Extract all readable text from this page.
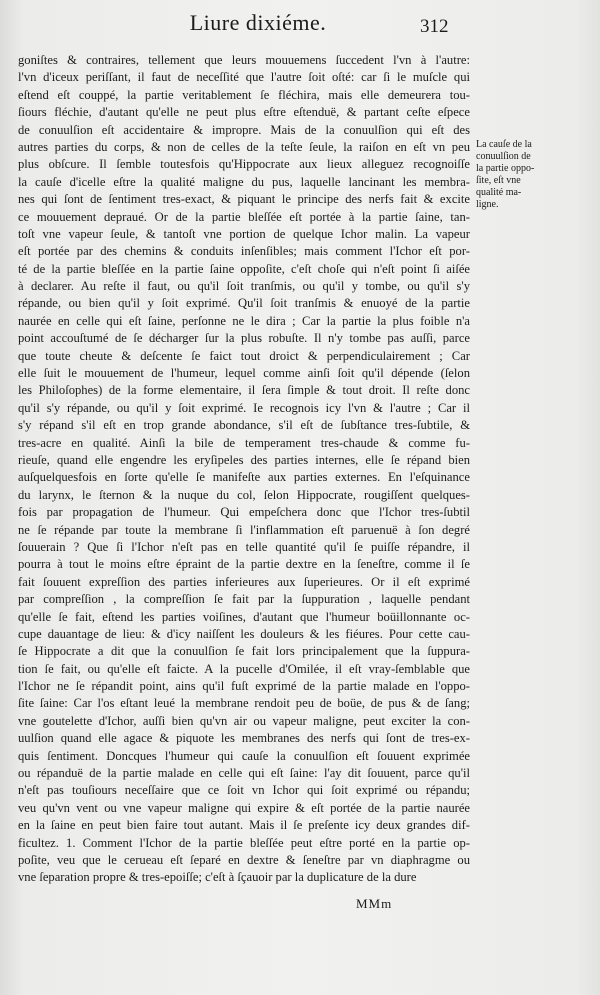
Liure dixiéme.	312
goniſtes & contraires, tellement que leurs mouuemens ſuccedent l'vn à l'autre:
l'vn d'iceux periſſant, il faut de neceſſité que l'autre ſoit oſté: car ſi le muſcle qui
eſtend eſt couppé, la partie veritablement ſe fléchira, mais elle demeurera tou-
ſiours fléchie, d'autant qu'elle ne peut plus eſtre eſtenduë, & partant ceſte eſpece
de conuulſion eſt accidentaire & impropre. Mais de la conuulſion qui eſt des
autres parties du corps, & non de celles de la teſte ſeule, la raiſon en eſt vn peu
plus obſcure. Il ſemble toutesfois qu'Hippocrate aux lieux alleguez recognoiſſe
la cauſe d'icelle eſtre la qualité maligne du pus, laquelle lancinant les membra-
nes qui ſont de ſentiment tres-exact, & piquant le principe des nerfs fait & excite
ce mouuement depraué. Or de la partie bleſſée eſt portée à la partie ſaine, tan-
toſt vne vapeur ſeule, & tantoſt vne portion de quelque Ichor malin. La vapeur
eſt portée par des chemins & conduits inſenſibles; mais comment l'Ichor eſt por-
té de la partie bleſſée en la partie ſaine oppoſite, c'eſt choſe qui n'eſt point ſi aiſée
à declarer. Au reſte il faut, ou qu'il ſoit tranſmis, ou qu'il y tombe, ou qu'il s'y
répande, ou bien qu'il y ſoit exprimé. Qu'il ſoit tranſmis & enuoyé de la partie
naurée en celle qui eſt ſaine, perſonne ne le dira ; Car la partie la plus foible n'a
point accouſtumé de ſe décharger ſur la plus robuſte. Il n'y tombe pas auſſi, parce
que toute cheute & deſcente ſe faict tout droict & perpendiculairement ; Car
elle ſuit le mouuement de l'humeur, lequel comme ainſi ſoit qu'il dépende (ſelon
les Philoſophes) de la forme elementaire, il ſera ſimple & tout droit. Il reſte donc
qu'il s'y répande, ou qu'il y ſoit exprimé. Ie recognois icy l'vn & l'autre ; Car il
s'y répand s'il eſt en trop grande abondance, s'il eſt de ſubſtance tres-ſubtile, &
tres-acre en qualité. Ainſi la bile de temperament tres-chaude & comme fu-
rieuſe, quand elle engendre les eryſipeles des parties internes, elle ſe répand bien
auſquelquesfois en ſorte qu'elle ſe manifeſte aux parties externes. En l'eſquinance
du larynx, le ſternon & la nuque du col, ſelon Hippocrate, rougiſſent quelques-
fois par propagation de l'humeur. Qui empeſchera donc que l'Ichor tres-ſubtil
ne ſe répande par toute la membrane ſi l'inflammation eſt paruenuë à ſon degré
ſouuerain ? Que ſi l'Ichor n'eſt pas en telle quantité qu'il ſe puiſſe répandre, il
pourra à tout le moins eſtre épraint de la partie dextre en la ſeneſtre, comme il ſe
fait ſouuent expreſſion des parties inferieures aux ſuperieures. Or il eſt exprimé
par compreſſion , la compreſſion ſe fait par la ſuppuration , laquelle pendant
qu'elle ſe fait, eſtend les parties voiſines, d'autant que l'humeur boüillonnante oc-
cupe dauantage de lieu: & d'icy naiſſent les douleurs & les fiéures. Pour cette cau-
ſe Hippocrate a dit que la conuulſion ſe fait lors principalement que la ſuppura-
tion ſe fait, ou qu'elle eſt faicte. A la pucelle d'Omilée, il eſt vray-ſemblable que
l'Ichor ne ſe répandit point, ains qu'il fuſt exprimé de la partie malade en l'oppo-
ſite ſaine: Car l'os eſtant leué la membrane rendoit peu de boüe, de pus & de ſang;
vne goutelette d'Ichor, auſſi bien qu'vn air ou vapeur maligne, peut exciter la con-
uulſion quand elle agace & piquote les membranes des nerfs qui ſont de tres-ex-
quis ſentiment. Doncques l'humeur qui cauſe la conuulſion eſt ſouuent exprimée
ou répanduë de la partie malade en celle qui eſt ſaine: l'ay dit ſouuent, parce qu'il
n'eſt pas touſiours neceſſaire que ce ſoit vn Ichor qui ſoit exprimé ou répandu;
veu qu'vn vent ou vne vapeur maligne qui expire & eſt portée de la partie naurée
en la ſaine en peut bien faire tout autant. Mais il ſe preſente icy deux grandes dif-
ficultez. 1. Comment l'Ichor de la partie bleſſée peut eſtre porté en la partie op-
poſite, veu que le cerueau eſt ſeparé en dextre & ſeneſtre par vn diaphragme ou
vne ſeparation propre & tres-epoiſſe; c'eſt à ſçauoir par la duplicature de la dure
La cauſe de la
conuulſion de
la partie oppo-
ſite, eſt vne
qualité ma-
ligne.
MMm
